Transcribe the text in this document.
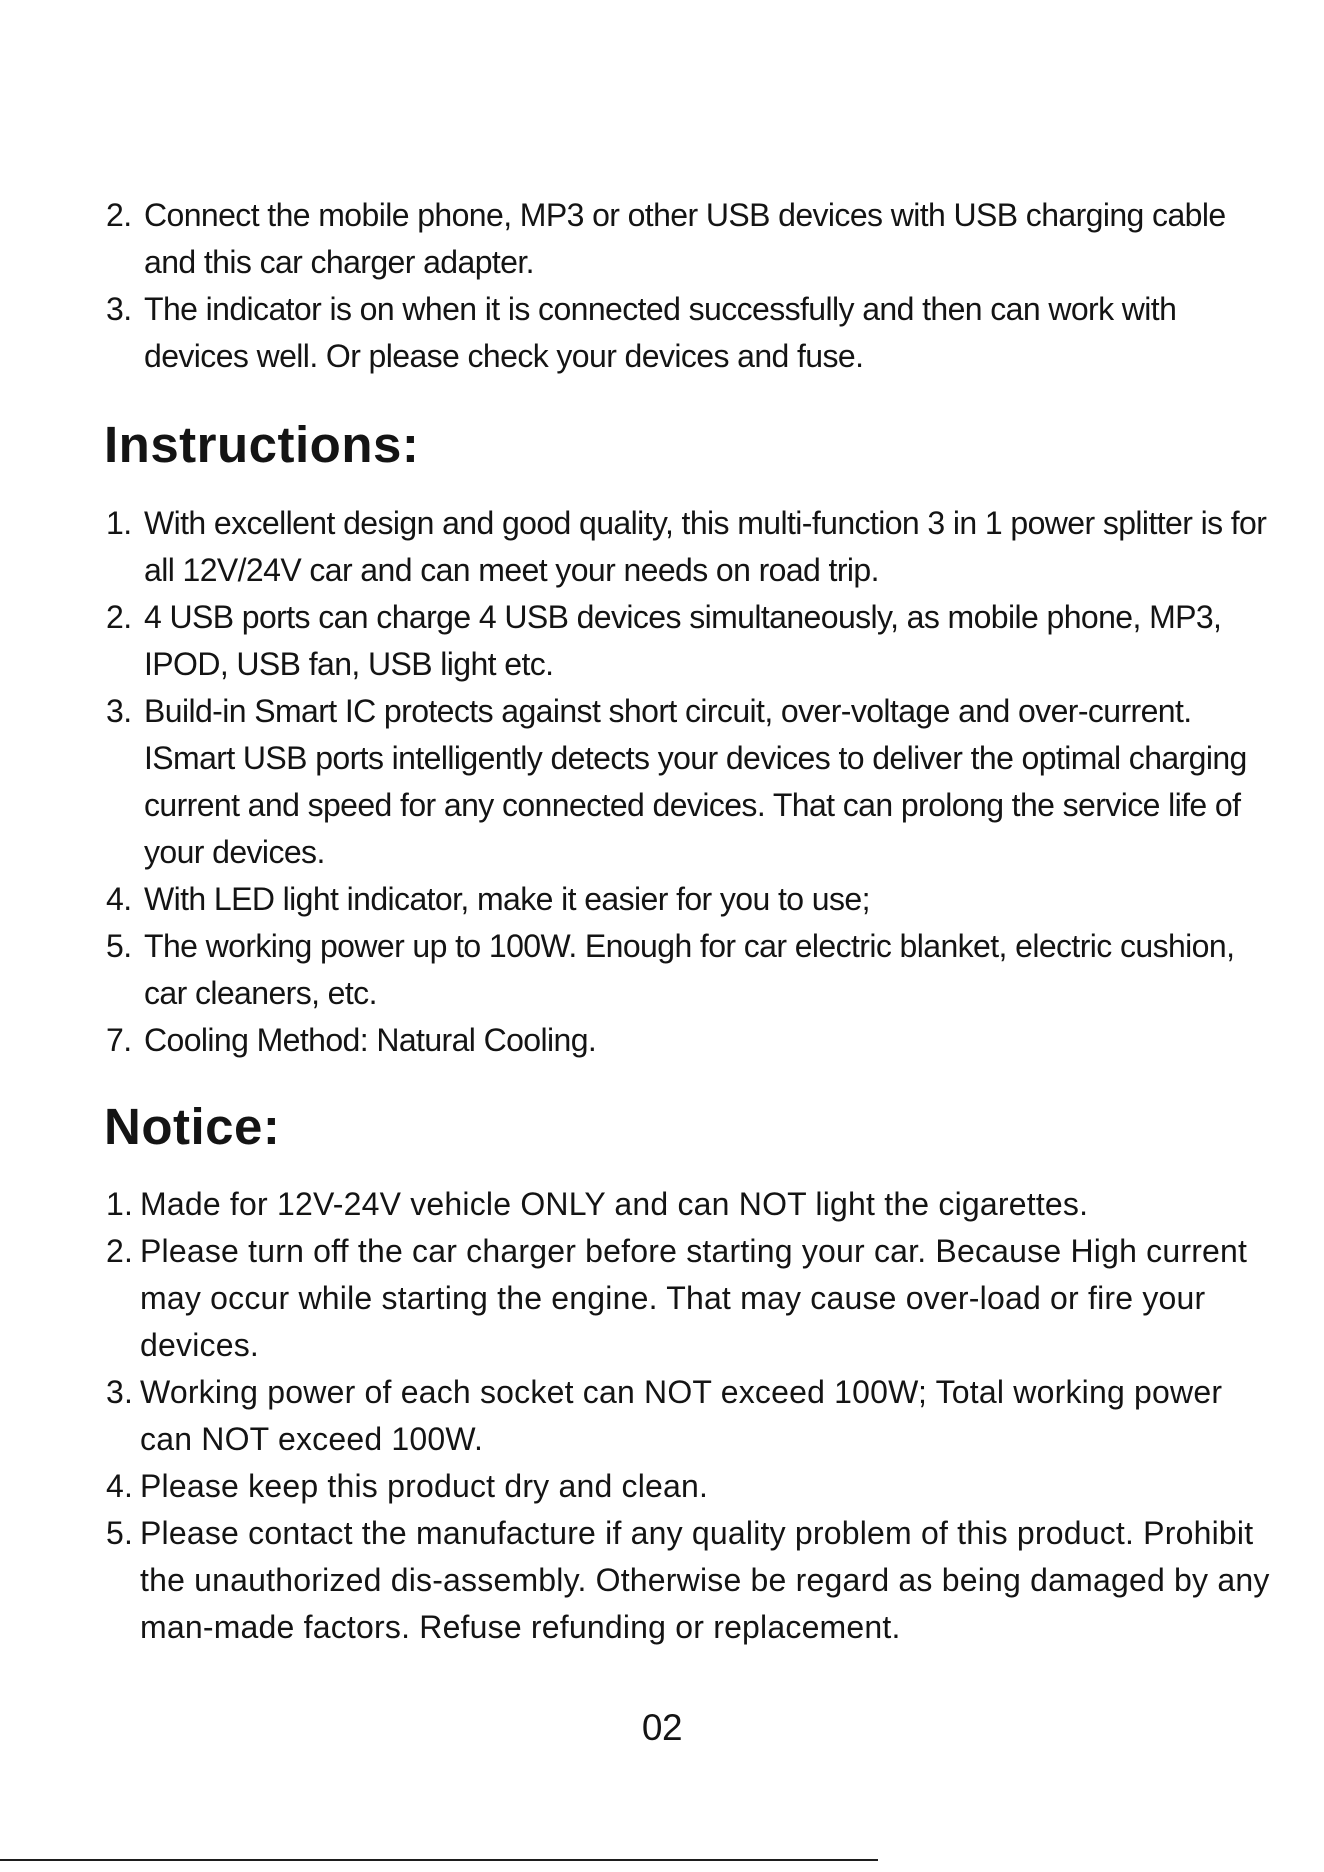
2. Connect the mobile phone, MP3 or other USB devices with USB charging cable and this car charger adapter.
3. The indicator is on when it is connected successfully and then can work with devices well. Or please check your devices and fuse.
Instructions:
1. With excellent design and good quality, this multi-function 3 in 1 power splitter is for all 12V/24V car and can meet your needs on road trip.
2. 4 USB ports can charge 4 USB devices simultaneously, as mobile phone, MP3, IPOD, USB fan, USB light etc.
3. Build-in Smart IC protects against short circuit, over-voltage and over-current. ISmart USB ports intelligently detects your devices to deliver the optimal charging current and speed for any connected devices. That can prolong the service life of your devices.
4. With LED light indicator, make it easier for you to use;
5. The working power up to 100W. Enough for car electric blanket, electric cushion, car cleaners, etc.
7. Cooling Method: Natural Cooling.
Notice:
1. Made for 12V-24V vehicle ONLY and can NOT light the cigarettes.
2. Please turn off the car charger before starting your car. Because High current may occur while starting the engine. That may cause over-load or fire your devices.
3. Working power of each socket can NOT exceed 100W; Total working power can NOT exceed 100W.
4. Please keep this product dry and clean.
5. Please contact the manufacture if any quality problem of this product. Prohibit the unauthorized dis-assembly. Otherwise be regard as being damaged by any man-made factors. Refuse refunding or replacement.
02
